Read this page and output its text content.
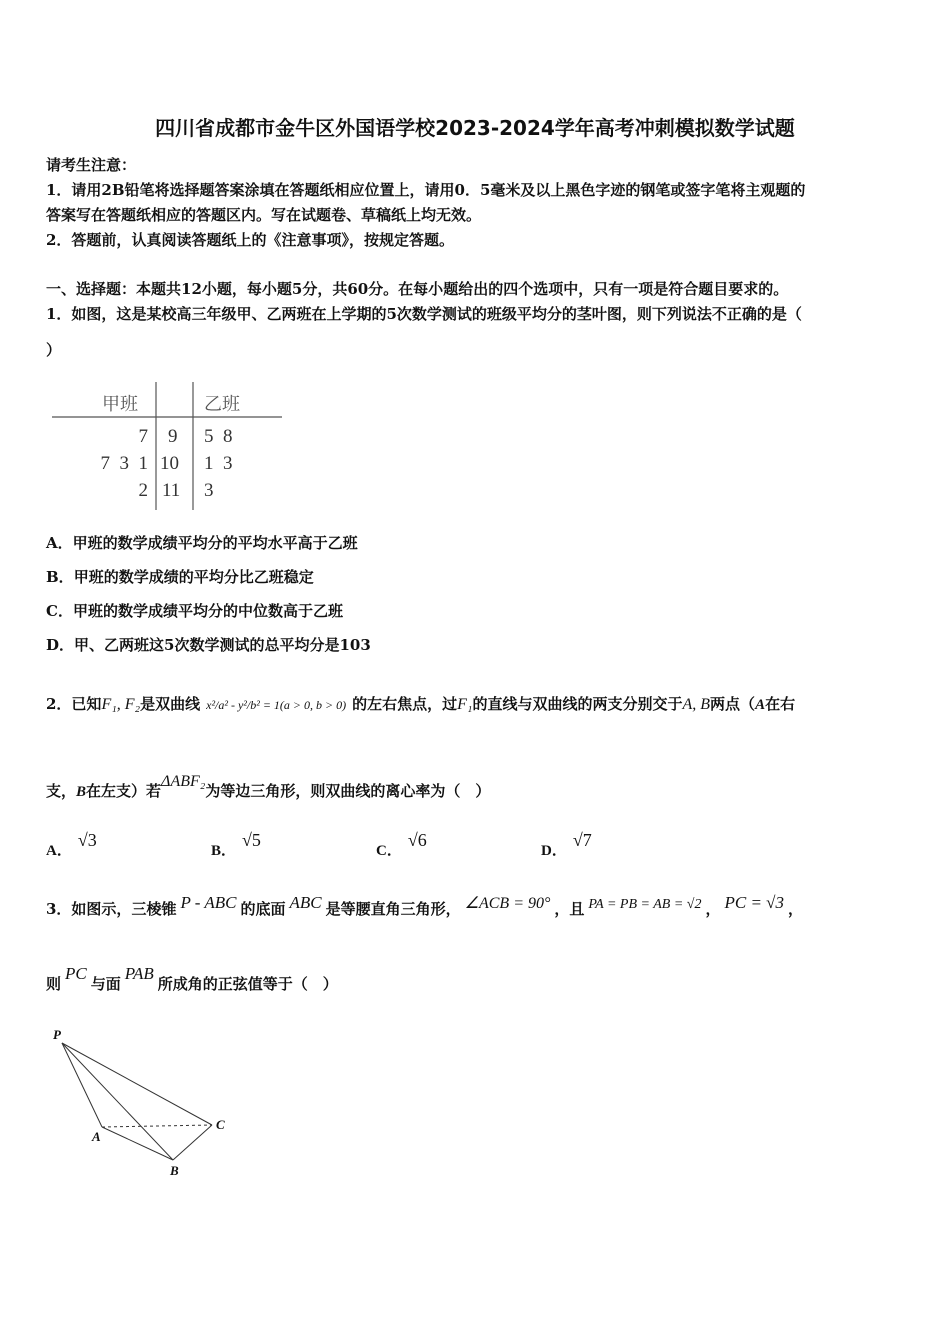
四川省成都市金牛区外国语学校2023-2024学年高考冲刺模拟数学试题
请考生注意：
1．请用2B铅笔将选择题答案涂填在答题纸相应位置上，请用0．5毫米及以上黑色字迹的钢笔或签字笔将主观题的
答案写在答题纸相应的答题区内。写在试题卷、草稿纸上均无效。
2．答题前，认真阅读答题纸上的《注意事项》，按规定答题。
一、选择题：本题共12小题，每小题5分，共60分。在每小题给出的四个选项中，只有一项是符合题目要求的。
1．如图，这是某校高三年级甲、乙两班在上学期的5次数学测试的班级平均分的茎叶图，则下列说法不正确的是（
）
甲班	乙班
7 9 5  8
7  3  1 10 1  3
2 11 3
A．甲班的数学成绩平均分的平均水平高于乙班
B．甲班的数学成绩的平均分比乙班稳定
C．甲班的数学成绩平均分的中位数高于乙班
D．甲、乙两班这5次数学测试的总平均分是103
2．已知F₁, F₂是双曲线 x²/a² - y²/b² = 1(a > 0, b > 0) 的左右焦点，过F₁的直线与双曲线的两支分别交于A, B两点（A在右
支，B在左支）若ΔABF₂为等边三角形，则双曲线的离心率为（　）
A．√3
B．√5
C．√6
D．√7
3．如图示，三棱锥 P - ABC 的底面 ABC 是等腰直角三角形， ∠ACB = 90° ，且 PA = PB = AB = √2 ， PC = √3 ，
则PC与面PAB所成角的正弦值等于（　）
P
A
B
C
